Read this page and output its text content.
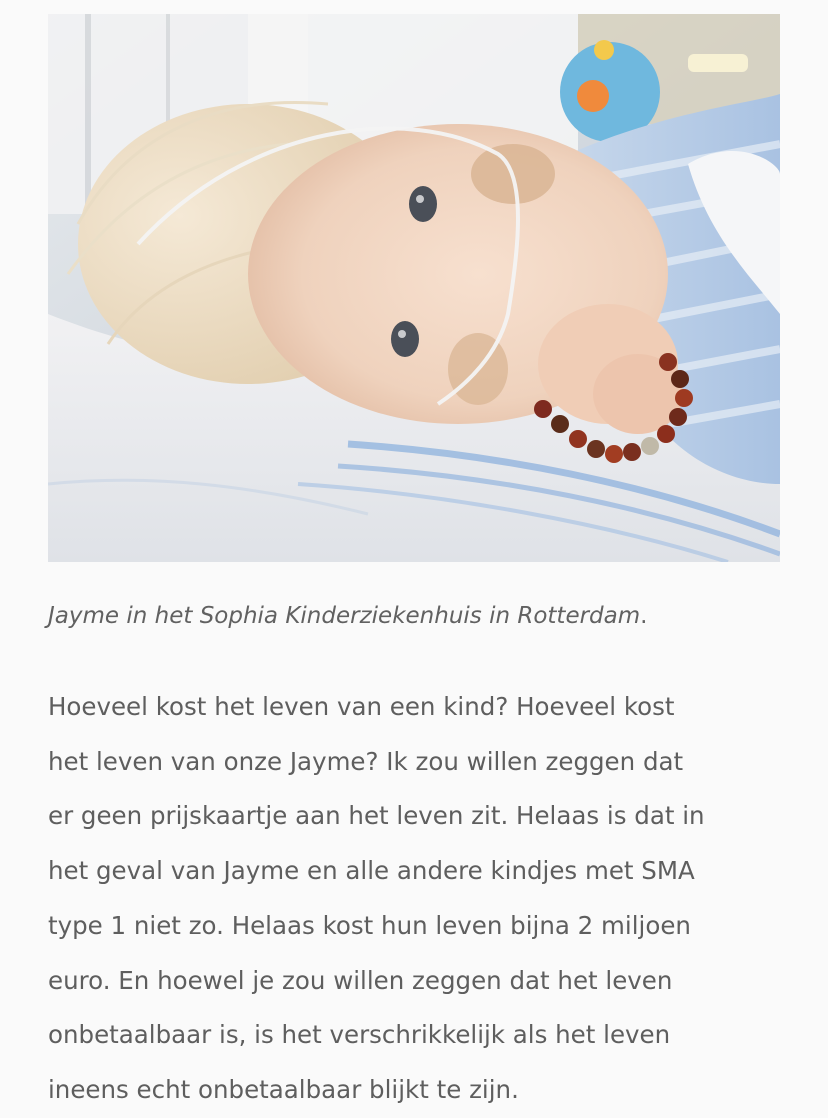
Jayme in het Sophia Kinderziekenhuis in Rotterdam.

Hoeveel kost het leven van een kind? Hoeveel kost
het leven van onze Jayme? Ik zou willen zeggen dat
er geen prijskaartje aan het leven zit. Helaas is dat in
het geval van Jayme en alle andere kindjes met SMA
type 1 niet zo. Helaas kost hun leven bijna 2 miljoen
euro. En hoewel je zou willen zeggen dat het leven
onbetaalbaar is, is het verschrikkelijk als het leven
ineens echt onbetaalbaar blijkt te zijn.
